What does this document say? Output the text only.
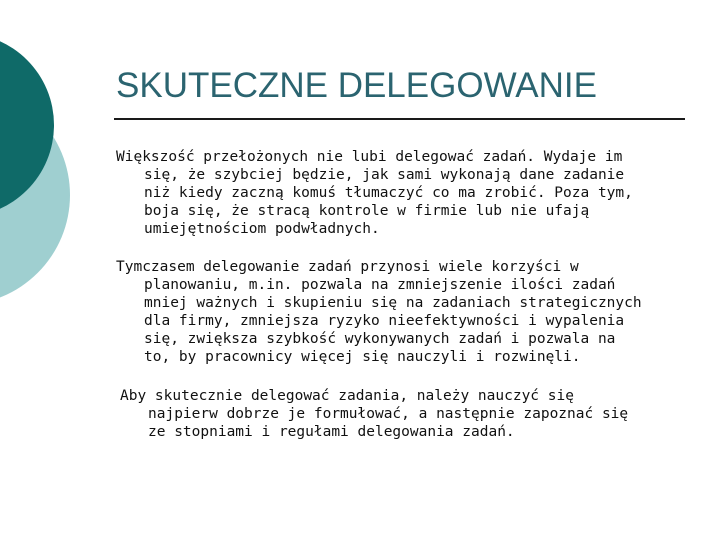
SKUTECZNE DELEGOWANIE

Większość przełożonych nie lubi delegować zadań. Wydaje im
się, że szybciej będzie, jak sami wykonają dane zadanie
niż kiedy zaczną komuś tłumaczyć co ma zrobić. Poza tym,
boja się, że stracą kontrole w firmie lub nie ufają
umiejętnościom podwładnych.

Tymczasem delegowanie zadań przynosi wiele korzyści w
planowaniu, m.in. pozwala na zmniejszenie ilości zadań
mniej ważnych i skupieniu się na zadaniach strategicznych
dla firmy, zmniejsza ryzyko nieefektywności i wypalenia
się, zwiększa szybkość wykonywanych zadań i pozwala na
to, by pracownicy więcej się nauczyli i rozwinęli.

Aby skutecznie delegować zadania, należy nauczyć się
najpierw dobrze je formułować, a następnie zapoznać się
ze stopniami i regułami delegowania zadań.
